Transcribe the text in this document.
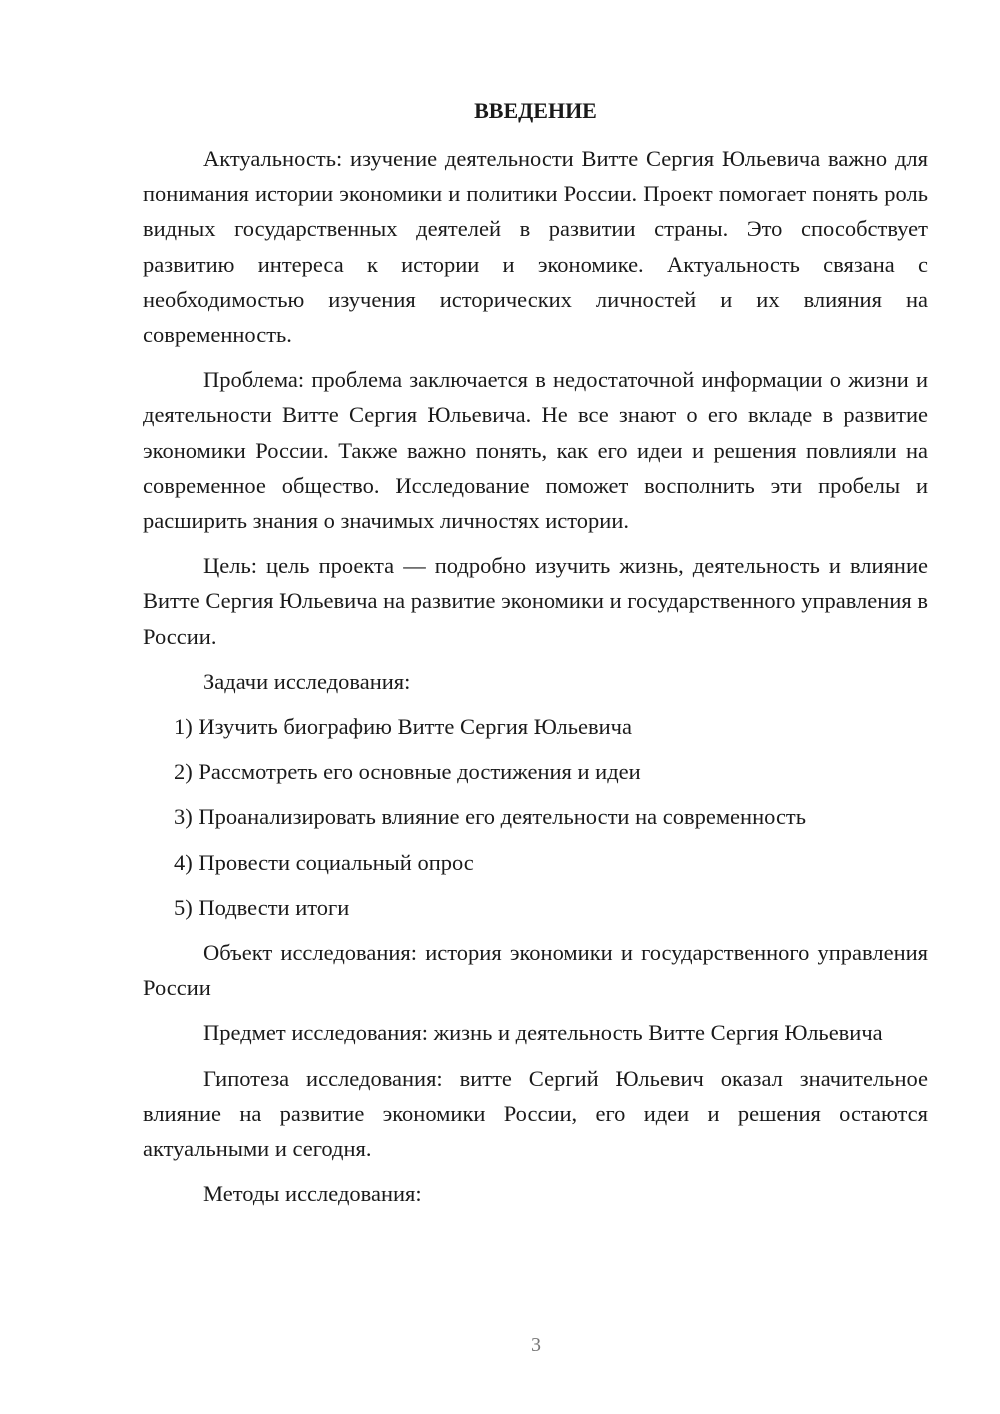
ВВЕДЕНИЕ

Актуальность: изучение деятельности Витте Сергия Юльевича важно для понимания истории экономики и политики России. Проект помогает понять роль видных государственных деятелей в развитии страны. Это способствует развитию интереса к истории и экономике. Актуальность связана с необходимостью изучения исторических личностей и их влияния на современность.

Проблема: проблема заключается в недостаточной информации о жизни и деятельности Витте Сергия Юльевича. Не все знают о его вкладе в развитие экономики России. Также важно понять, как его идеи и решения повлияли на современное общество. Исследование поможет восполнить эти пробелы и расширить знания о значимых личностях истории.

Цель: цель проекта — подробно изучить жизнь, деятельность и влияние Витте Сергия Юльевича на развитие экономики и государственного управления в России.

Задачи исследования:

1) Изучить биографию Витте Сергия Юльевича
2) Рассмотреть его основные достижения и идеи
3) Проанализировать влияние его деятельности на современность
4) Провести социальный опрос
5) Подвести итоги

Объект исследования: история экономики и государственного управления России

Предмет исследования: жизнь и деятельность Витте Сергия Юльевича

Гипотеза исследования: витте Сергий Юльевич оказал значительное влияние на развитие экономики России, его идеи и решения остаются актуальными и сегодня.

Методы исследования:

3
